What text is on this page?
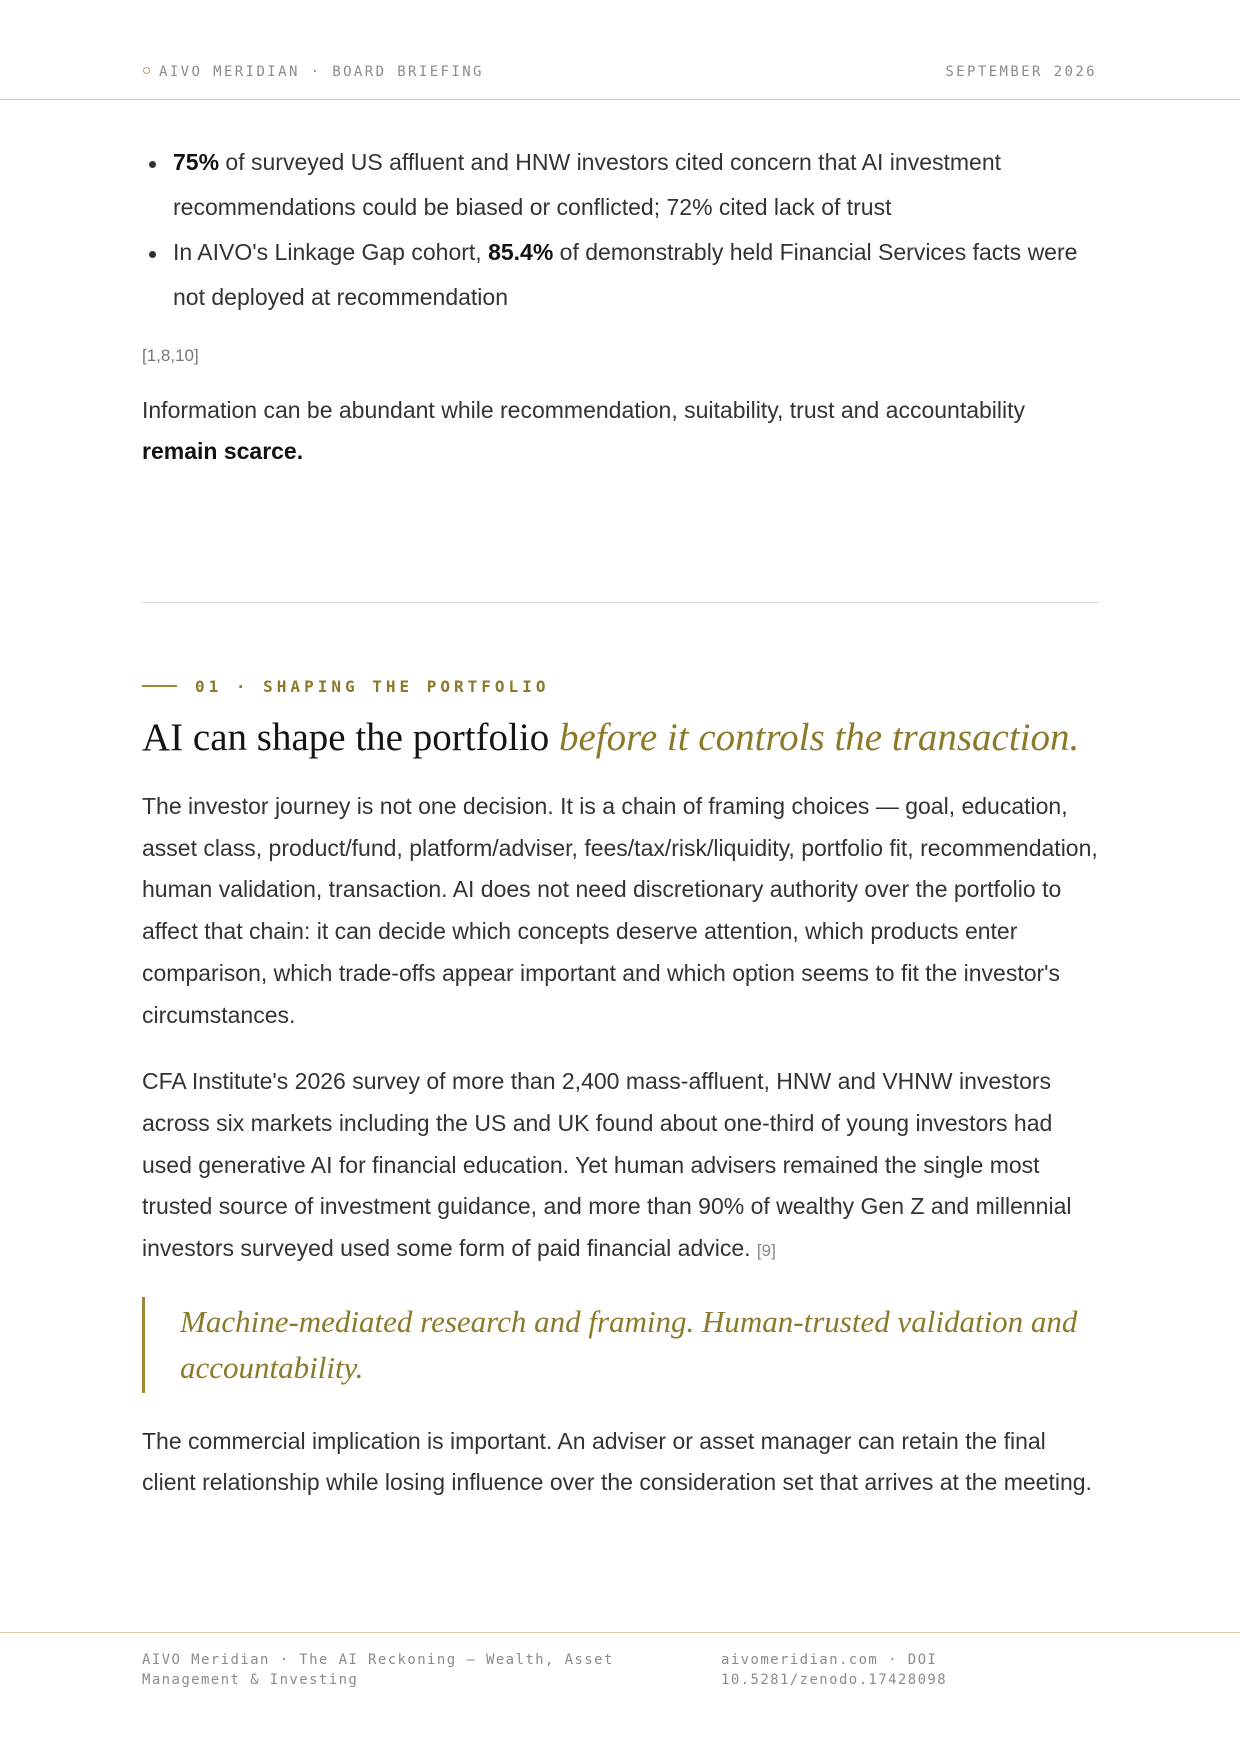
AIVO MERIDIAN · BOARD BRIEFING	SEPTEMBER 2026
75% of surveyed US affluent and HNW investors cited concern that AI investment recommendations could be biased or conflicted; 72% cited lack of trust
In AIVO's Linkage Gap cohort, 85.4% of demonstrably held Financial Services facts were not deployed at recommendation
[1,8,10]
Information can be abundant while recommendation, suitability, trust and accountability remain scarce.
01 · SHAPING THE PORTFOLIO
AI can shape the portfolio before it controls the transaction.

The investor journey is not one decision. It is a chain of framing choices — goal, education, asset class, product/fund, platform/adviser, fees/tax/risk/liquidity, portfolio fit, recommendation, human validation, transaction. AI does not need discretionary authority over the portfolio to affect that chain: it can decide which concepts deserve attention, which products enter comparison, which trade-offs appear important and which option seems to fit the investor's circumstances.

CFA Institute's 2026 survey of more than 2,400 mass-affluent, HNW and VHNW investors across six markets including the US and UK found about one-third of young investors had used generative AI for financial education. Yet human advisers remained the single most trusted source of investment guidance, and more than 90% of wealthy Gen Z and millennial investors surveyed used some form of paid financial advice. [9]

Machine-mediated research and framing. Human-trusted validation and accountability.

The commercial implication is important. An adviser or asset manager can retain the final client relationship while losing influence over the consideration set that arrives at the meeting.

AIVO Meridian · The AI Reckoning — Wealth, Asset Management & Investing
aivomeridian.com · DOI 10.5281/zenodo.17428098
